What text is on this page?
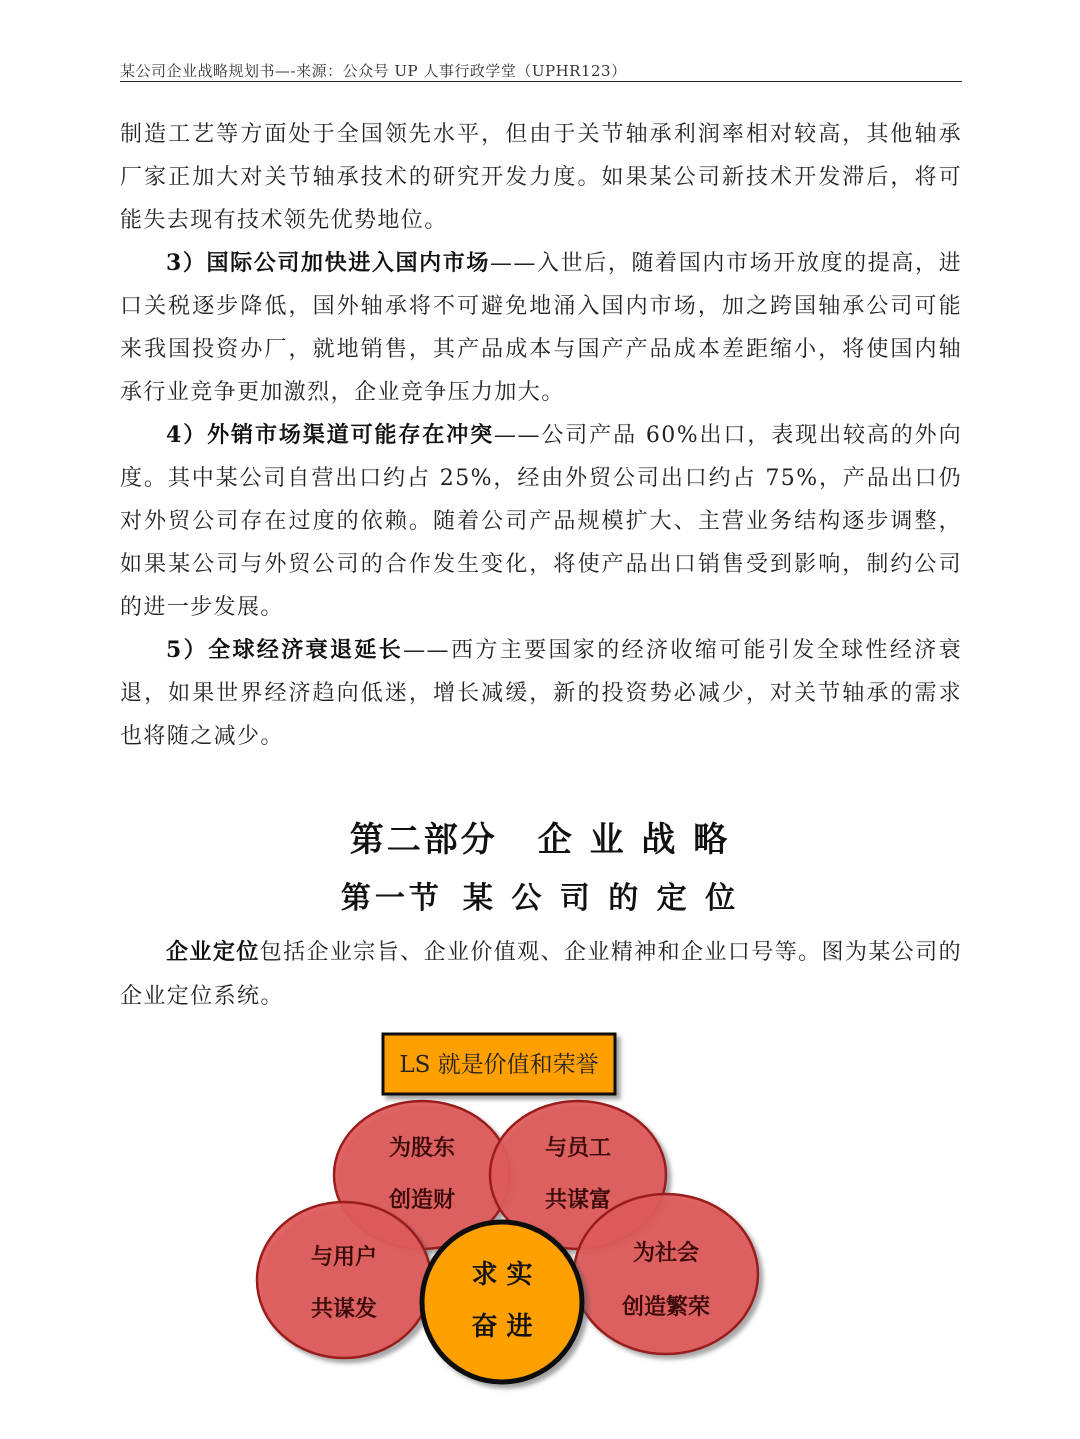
某公司企业战略规划书—-来源：公众号 UP 人事行政学堂（UPHR123）

制造工艺等方面处于全国领先水平，但由于关节轴承利润率相对较高，其他轴承厂家正加大对关节轴承技术的研究开发力度。如果某公司新技术开发滞后，将可能失去现有技术领先优势地位。

3）国际公司加快进入国内市场——入世后，随着国内市场开放度的提高，进口关税逐步降低，国外轴承将不可避免地涌入国内市场，加之跨国轴承公司可能来我国投资办厂，就地销售，其产品成本与国产产品成本差距缩小，将使国内轴承行业竞争更加激烈，企业竞争压力加大。

4）外销市场渠道可能存在冲突——公司产品 60%出口，表现出较高的外向度。其中某公司自营出口约占 25%，经由外贸公司出口约占 75%，产品出口仍对外贸公司存在过度的依赖。随着公司产品规模扩大、主营业务结构逐步调整，如果某公司与外贸公司的合作发生变化，将使产品出口销售受到影响，制约公司的进一步发展。

5）全球经济衰退延长——西方主要国家的经济收缩可能引发全球性经济衰退，如果世界经济趋向低迷，增长减缓，新的投资势必减少，对关节轴承的需求也将随之减少。

第二部分 企 业 战 略
第一节 某 公 司 的 定 位

企业定位包括企业宗旨、企业价值观、企业精神和企业口号等。图为某公司的企业定位系统。

LS 就是价值和荣誉
为股东
创造财
与员工
共谋富
与用户
共谋发
为社会
创造繁荣
求 实
奋 进
